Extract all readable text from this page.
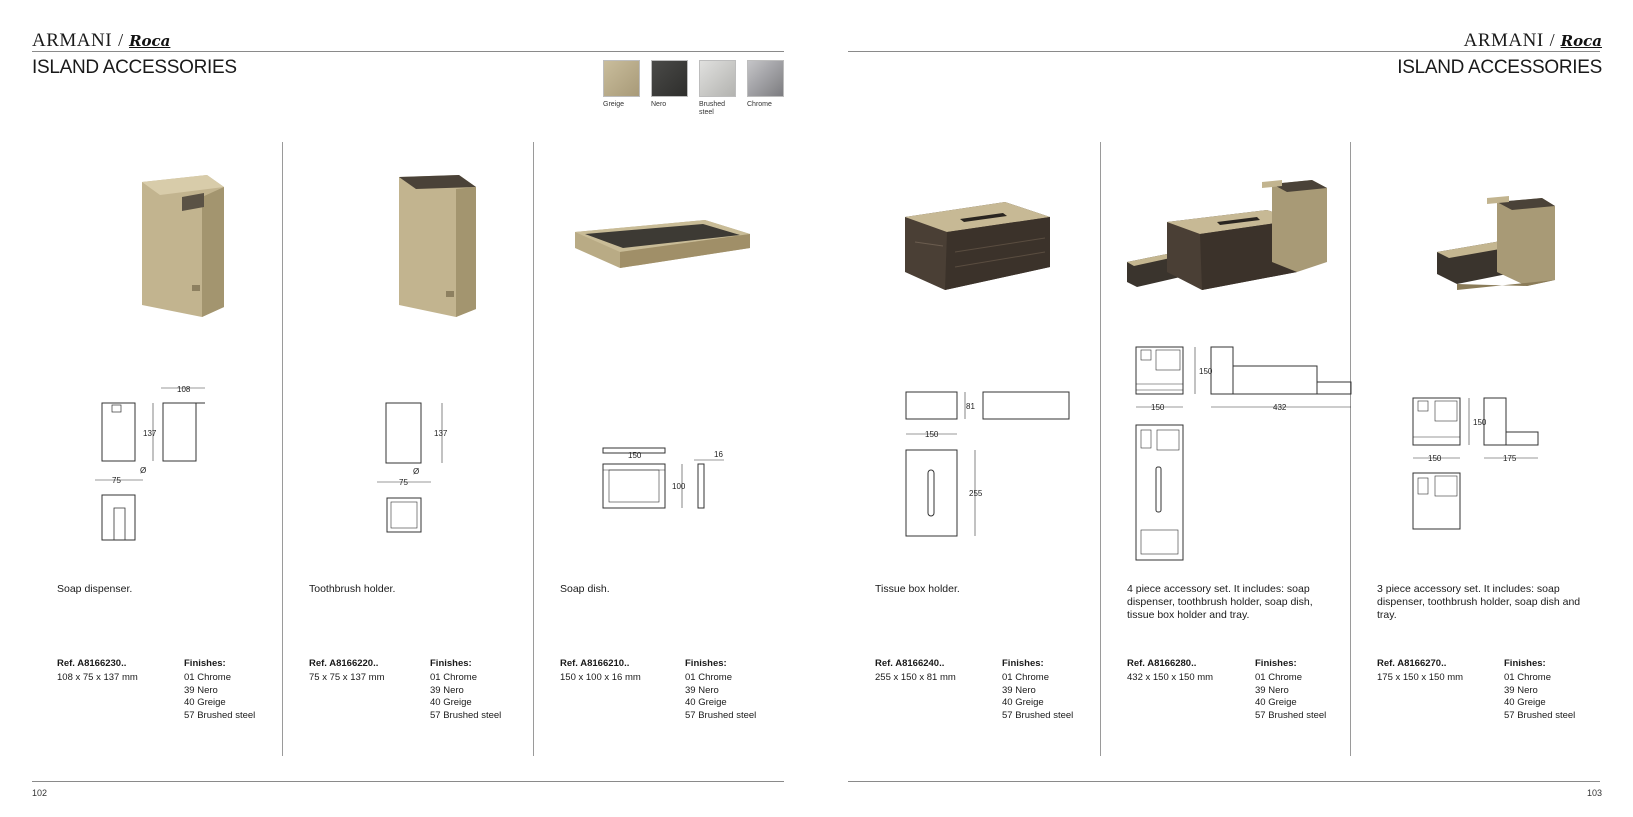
ARMANI / Roca
ISLAND ACCESSORIES
Greige	Nero	Brushed steel
Chrome
108
137
75
Ø
Soap dispenser.
Ref. A8166230..
108 x 75 x 137 mm
Finishes:
01 Chrome
39 Nero
40 Greige
57 Brushed steel
137
75
Ø
Toothbrush holder.
Ref. A8166220..
75 x 75 x 137 mm
Finishes:
01 Chrome
39 Nero
40 Greige
57 Brushed steel
150
100
16
Soap dish.
Ref. A8166210..
150 x 100 x 16 mm
Finishes:
01 Chrome
39 Nero
40 Greige
57 Brushed steel
102
ARMANI / Roca
ISLAND ACCESSORIES
81
150
255
Tissue box holder.
Ref. A8166240..
255 x 150 x 81 mm
Finishes:
01 Chrome
39 Nero
40 Greige
57 Brushed steel
150
150	432
4 piece accessory set. It includes: soap dispenser, toothbrush holder, soap dish, tissue box holder and tray.
Ref. A8166280..
432 x 150 x 150 mm
Finishes:
01 Chrome
39 Nero
40 Greige
57 Brushed steel
150
150	175
3 piece accessory set. It includes: soap dispenser, toothbrush holder, soap dish and tray.
Ref. A8166270..
175 x 150 x 150 mm
Finishes:
01 Chrome
39 Nero
40 Greige
57 Brushed steel
103
